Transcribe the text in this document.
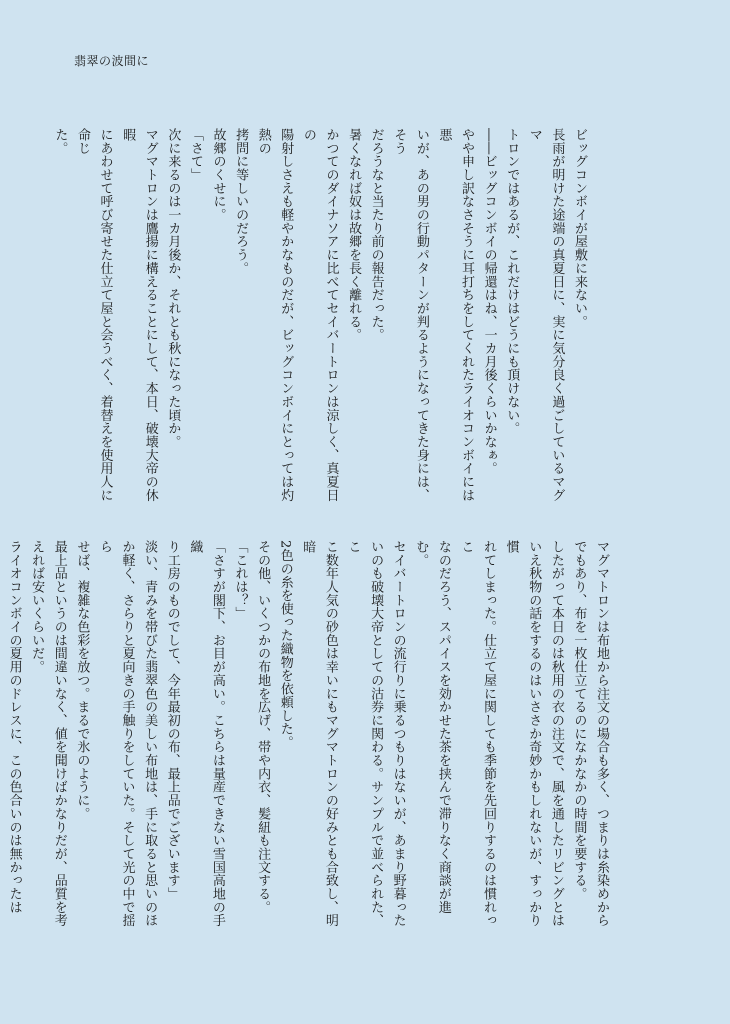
翡翠の波間に

ビッグコンボイが屋敷に来ない。

長雨が明けた途端の真夏日に、実に気分良く過ごしているマグマ

トロンではあるが、これだけはどうにも頂けない。

――ビッグコンボイの帰還はね、一カ月後くらいかなぁ。

やや申し訳なさそうに耳打ちをしてくれたライオコンボイには悪

いが、あの男の行動パターンが判るようになってきた身には、そう

だろうなと当たり前の報告だった。

暑くなれば奴は故郷を長く離れる。

かつてのダイナソアに比べてセイバートロンは涼しく、真夏日の

陽射しさえも軽やかなものだが、ビッグコンボイにとっては灼熱の

拷問に等しいのだろう。

故郷のくせに。

「さて」

次に来るのは一カ月後か、それとも秋になった頃か。

マグマトロンは鷹揚に構えることにして、本日、破壊大帝の休暇

にあわせて呼び寄せた仕立て屋と会うべく、着替えを使用人に命じ

た。

マグマトロンは布地から注文の場合も多く、つまりは糸染めから

でもあり、布を一枚仕立てるのになかなかの時間を要する。

したがって本日のは秋用の衣の注文で、風を通したリビングとは

いえ秋物の話をするのはいささか奇妙かもしれないが、すっかり慣

れてしまった。仕立て屋に関しても季節を先回りするのは慣れっこ

なのだろう、スパイスを効かせた茶を挟んで滞りなく商談が進む。

セイバートロンの流行りに乗るつもりはないが、あまり野暮った

いのも破壊大帝としての沽券に関わる。サンプルで並べられた、こ

こ数年人気の砂色は幸いにもマグマトロンの好みとも合致し、明暗

2色の糸を使った織物を依頼した。

その他、いくつかの布地を広げ、帯や内衣、髪紐も注文する。

「これは？」

「さすが閣下、お目が高い。こちらは量産できない雪国高地の手織

り工房のものでして、今年最初の布、最上品でございます」

淡い、青みを帯びた翡翠色の美しい布地は、手に取ると思いのほ

か軽く、さらりと夏向きの手触りをしていた。そして光の中で揺ら

せば、複雑な色彩を放つ。まるで氷のように。

最上品というのは間違いなく、値を聞けばかなりだが、品質を考

えれば安いくらいだ。

ライオコンボイの夏用のドレスに、この色合いのは無かったは
